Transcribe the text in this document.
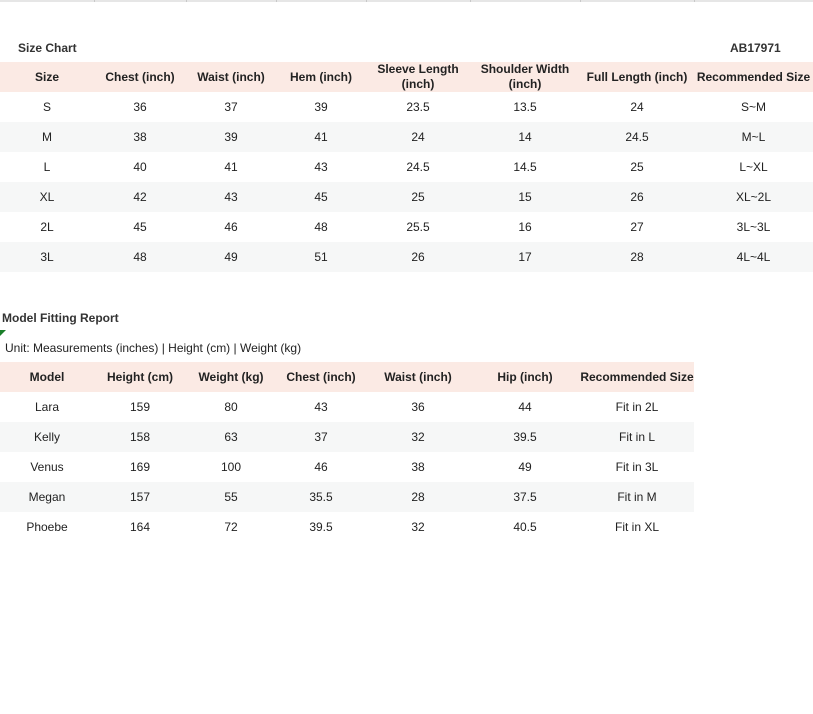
Size Chart	AB17971
Size	Chest (inch)	Waist (inch)	Hem (inch)	Sleeve Length (inch)	Shoulder Width (inch)	Full Length (inch)	Recommended Size
S	36	37	39	23.5	13.5	24	S~M
M	38	39	41	24	14	24.5	M~L
L	40	41	43	24.5	14.5	25	L~XL
XL	42	43	45	25	15	26	XL~2L
2L	45	46	48	25.5	16	27	3L~3L
3L	48	49	51	26	17	28	4L~4L
Model Fitting Report
Unit: Measurements (inches) | Height (cm) | Weight (kg)
Model	Height (cm)	Weight (kg)	Chest (inch)	Waist (inch)	Hip (inch)	Recommended Size
Lara	159	80	43	36	44	Fit in 2L
Kelly	158	63	37	32	39.5	Fit in L
Venus	169	100	46	38	49	Fit in 3L
Megan	157	55	35.5	28	37.5	Fit in M
Phoebe	164	72	39.5	32	40.5	Fit in XL
